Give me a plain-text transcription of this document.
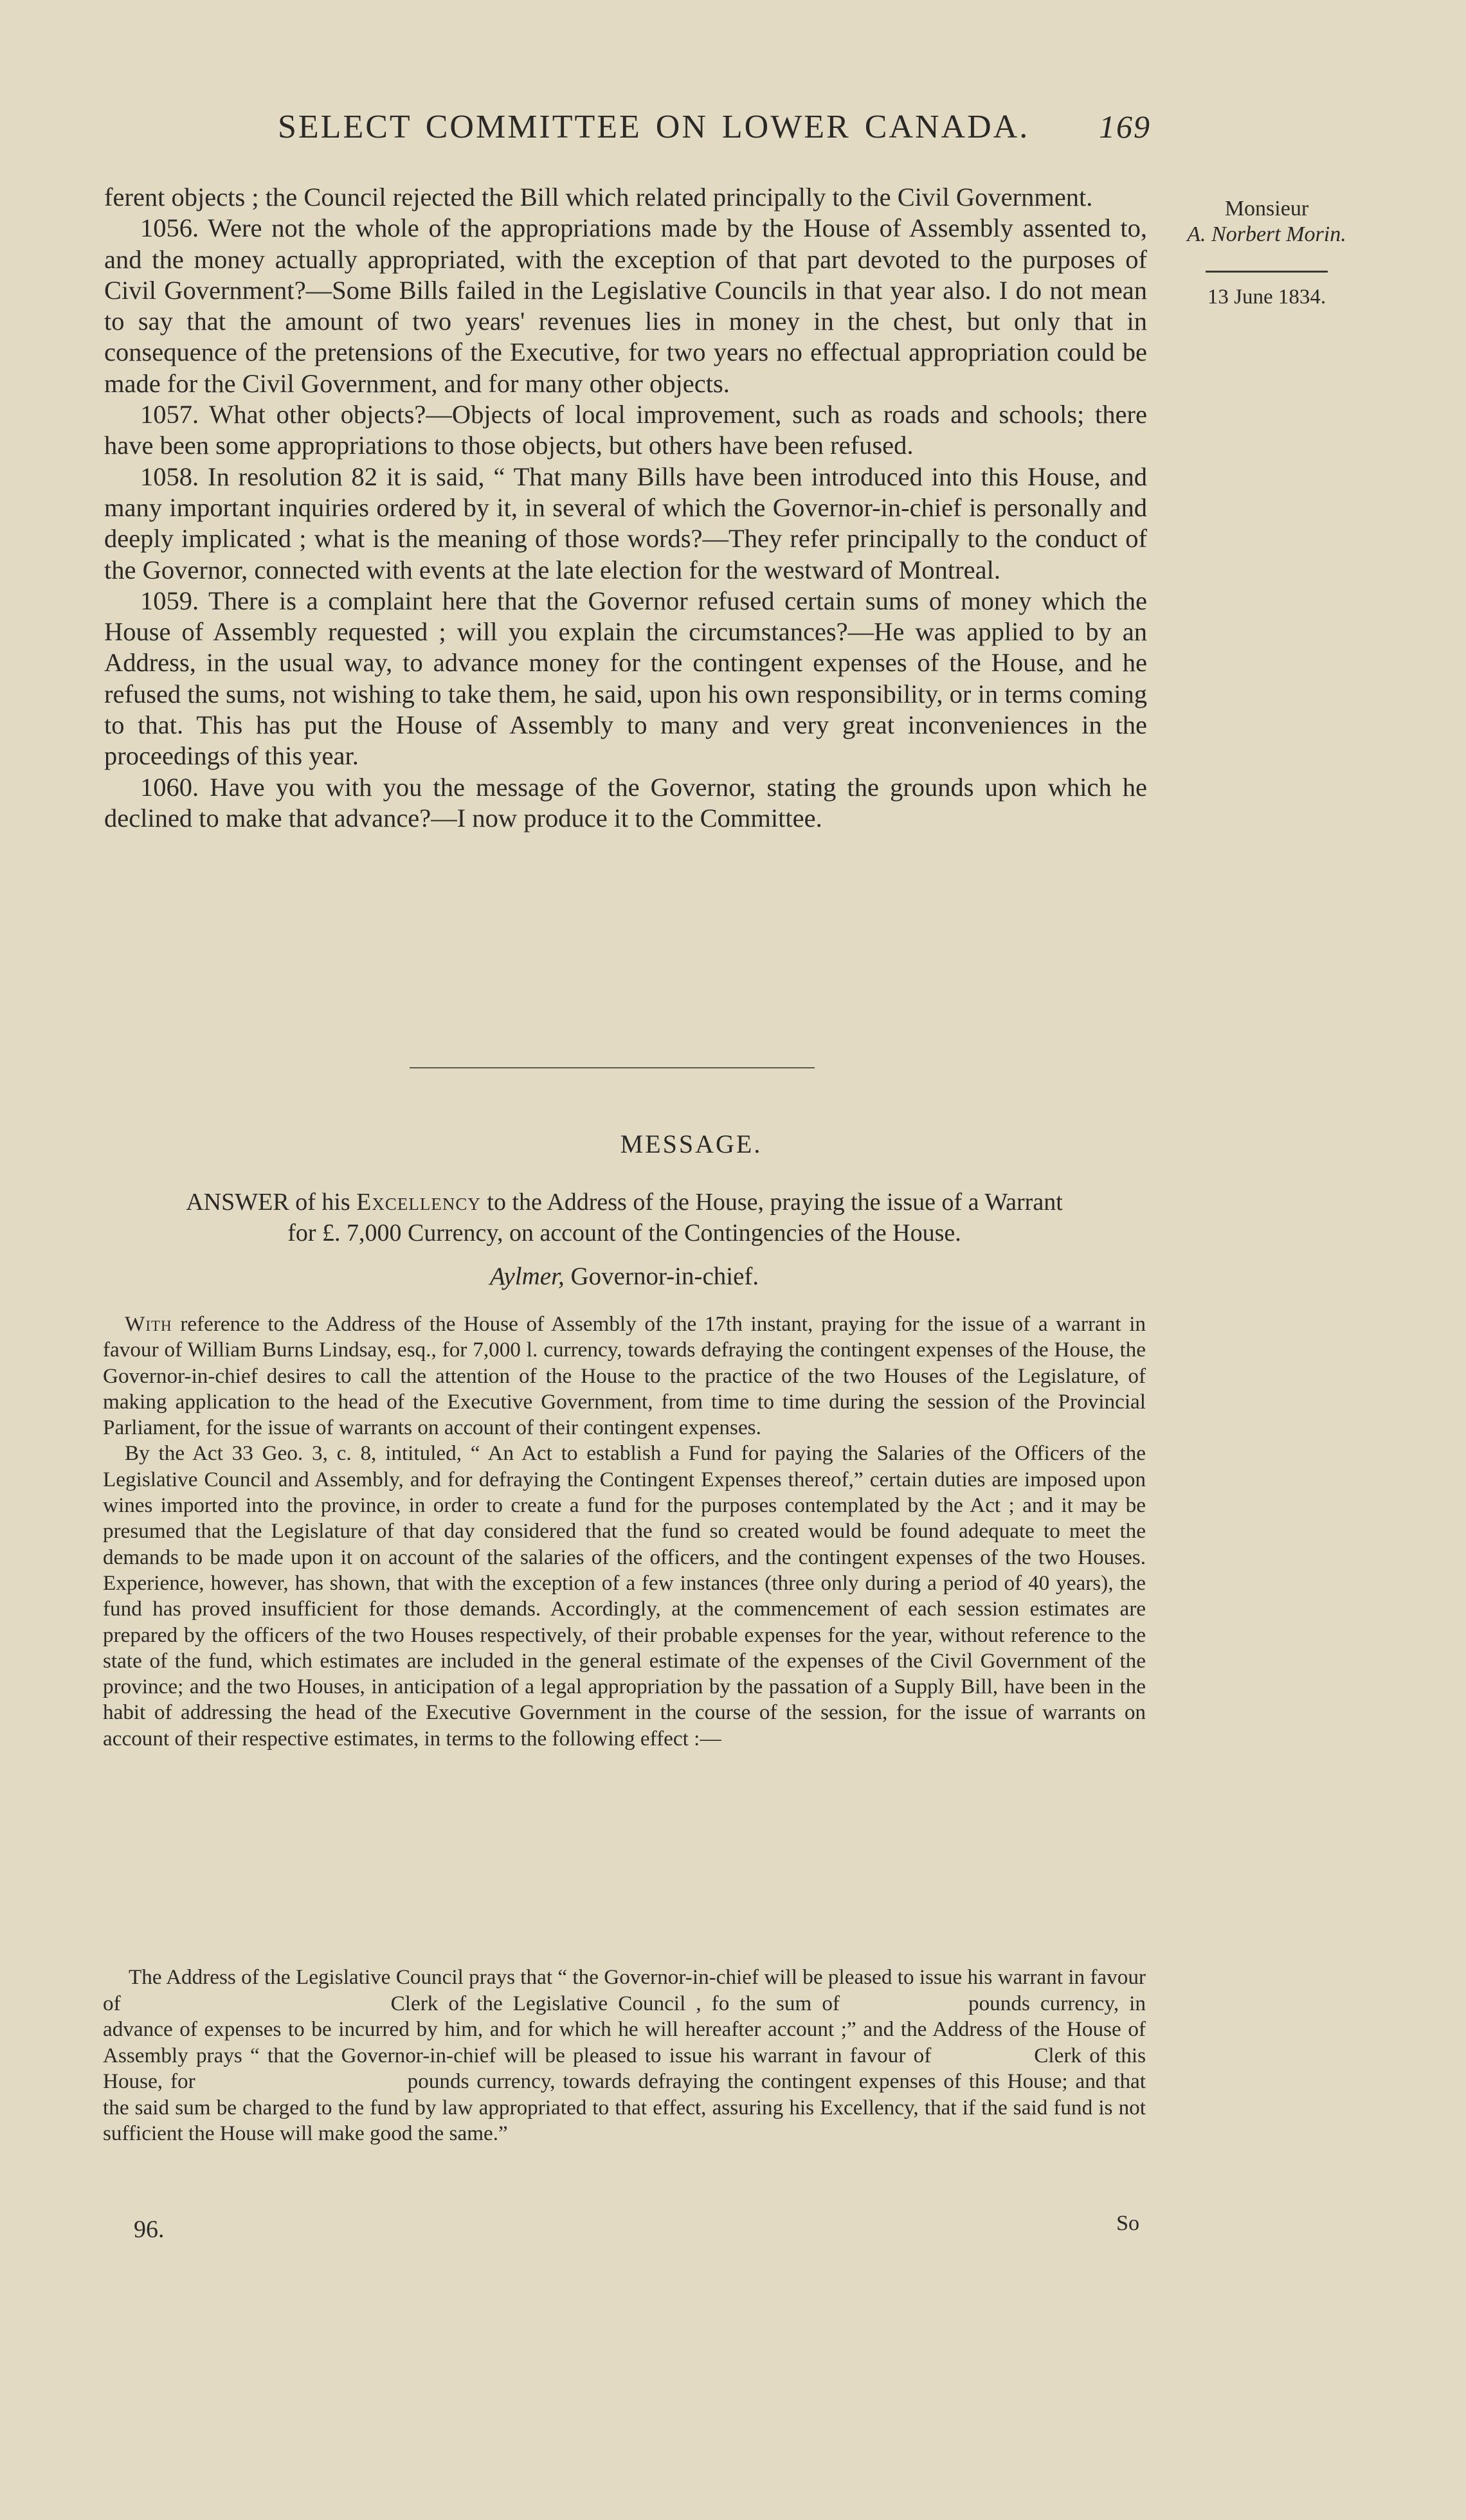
SELECT COMMITTEE ON LOWER CANADA. 169
Monsieur
A. Norbert Morin.
13 June 1834.

ferent objects ; the Council rejected the Bill which related principally to the Civil Government.

1056. Were not the whole of the appropriations made by the House of Assembly assented to, and the money actually appropriated, with the exception of that part devoted to the purposes of Civil Government?—Some Bills failed in the Legislative Councils in that year also. I do not mean to say that the amount of two years' revenues lies in money in the chest, but only that in consequence of the pretensions of the Executive, for two years no effectual appropriation could be made for the Civil Government, and for many other objects.

1057. What other objects?—Objects of local improvement, such as roads and schools; there have been some appropriations to those objects, but others have been refused.

1058. In resolution 82 it is said, “ That many Bills have been introduced into this House, and many important inquiries ordered by it, in several of which the Governor-in-chief is personally and deeply implicated ; what is the meaning of those words?—They refer principally to the conduct of the Governor, connected with events at the late election for the westward of Montreal.

1059. There is a complaint here that the Governor refused certain sums of money which the House of Assembly requested ; will you explain the circumstances?—He was applied to by an Address, in the usual way, to advance money for the contingent expenses of the House, and he refused the sums, not wishing to take them, he said, upon his own responsibility, or in terms coming to that. This has put the House of Assembly to many and very great inconveniences in the proceedings of this year.

1060. Have you with you the message of the Governor, stating the grounds upon which he declined to make that advance?—I now produce it to the Committee.

MESSAGE.
ANSWER of his Excellency to the Address of the House, praying the issue of a Warrant
for £. 7,000 Currency, on account of the Contingencies of the House.
Aylmer, Governor-in-chief.

With reference to the Address of the House of Assembly of the 17th instant, praying for the issue of a warrant in favour of William Burns Lindsay, esq., for 7,000 l. currency, towards defraying the contingent expenses of the House, the Governor-in-chief desires to call the attention of the House to the practice of the two Houses of the Legislature, of making application to the head of the Executive Government, from time to time during the session of the Provincial Parliament, for the issue of warrants on account of their contingent expenses.

By the Act 33 Geo. 3, c. 8, intituled, “ An Act to establish a Fund for paying the Salaries of the Officers of the Legislative Council and Assembly, and for defraying the Contingent Expenses thereof,” certain duties are imposed upon wines imported into the province, in order to create a fund for the purposes contemplated by the Act ; and it may be presumed that the Legislature of that day considered that the fund so created would be found adequate to meet the demands to be made upon it on account of the salaries of the officers, and the contingent expenses of the two Houses. Experience, however, has shown, that with the exception of a few instances (three only during a period of 40 years), the fund has proved insufficient for those demands. Accordingly, at the commencement of each session estimates are prepared by the officers of the two Houses respectively, of their probable expenses for the year, without reference to the state of the fund, which estimates are included in the general estimate of the expenses of the Civil Government of the province; and the two Houses, in anticipation of a legal appropriation by the passation of a Supply Bill, have been in the habit of addressing the head of the Executive Government in the course of the session, for the issue of warrants on account of their respective estimates, in terms to the following effect :—

The Address of the Legislative Council prays that “ the Governor-in-chief will be pleased to issue his warrant in favour of	Clerk of the Legislative Council , fo the sum of	pounds currency, in advance of expenses to be incurred by him, and for which he will hereafter account ;” and the Address of the House of Assembly prays “ that the Governor-in-chief will be pleased to issue his warrant in favour of	Clerk of this House, for	pounds currency, towards defraying the contingent expenses of this House; and that the said sum be charged to the fund by law appropriated to that effect, assuring his Excellency, that if the said fund is not sufficient the House will make good the same.”

96.	So
